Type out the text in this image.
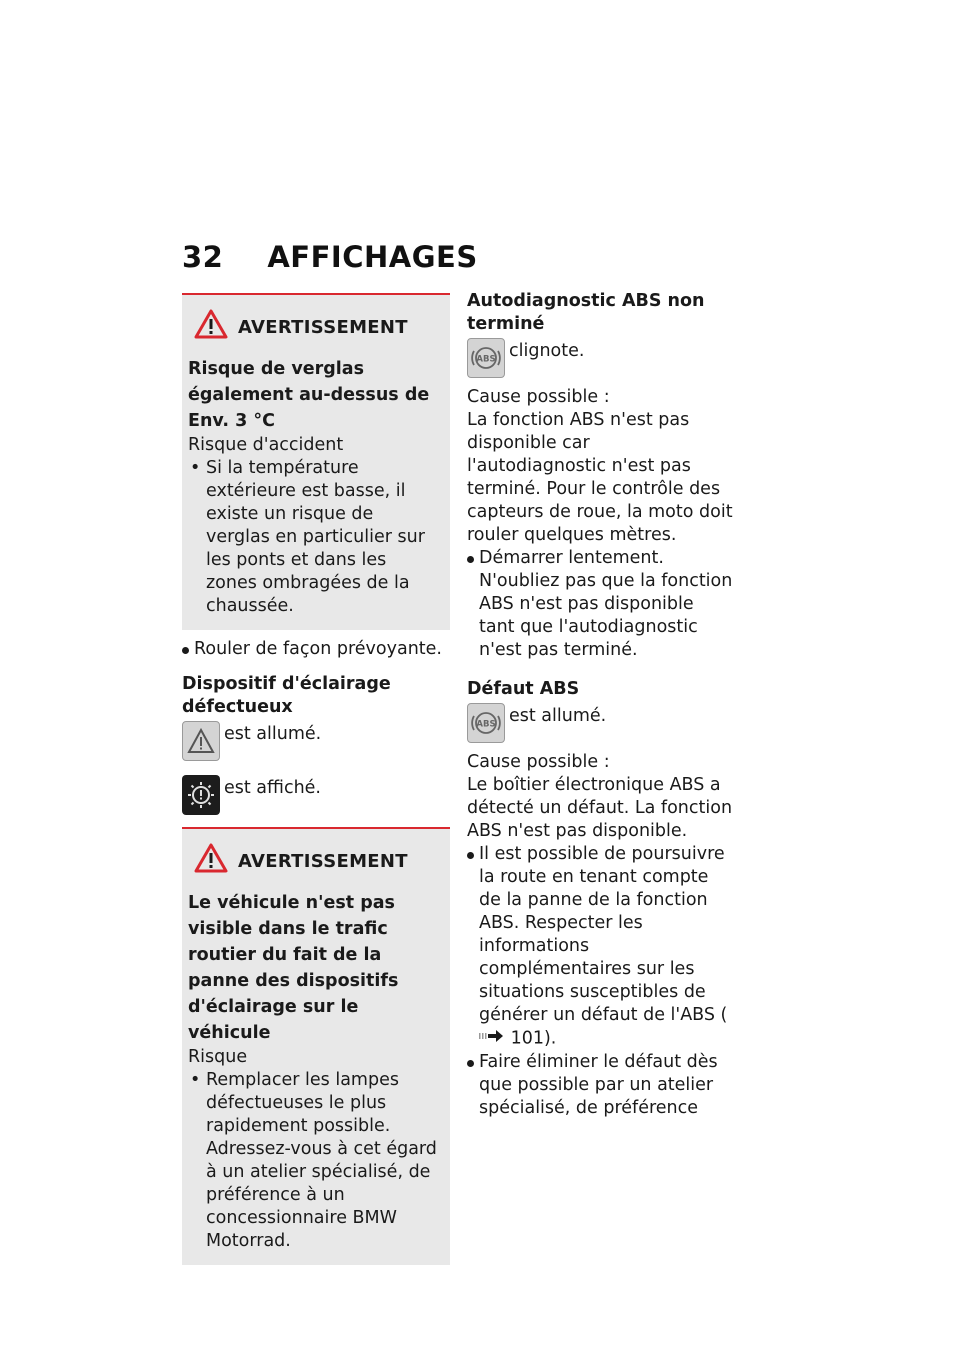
32 AFFICHAGES
AVERTISSEMENT
Risque de verglas également au-dessus de Env. 3 °C
Risque d'accident
• Si la température extérieure est basse, il existe un risque de verglas en particulier sur les ponts et dans les zones ombragées de la chaussée.
Rouler de façon prévoyante.
Dispositif d'éclairage défectueux
est allumé.
est affiché.
AVERTISSEMENT
Le véhicule n'est pas visible dans le trafic routier du fait de la panne des dispositifs d'éclairage sur le véhicule
Risque
• Remplacer les lampes défectueuses le plus rapidement possible. Adressez-vous à cet égard à un atelier spécialisé, de préférence à un concessionnaire BMW Motorrad.
Autodiagnostic ABS non terminé
ABS clignote.
Cause possible :
La fonction ABS n'est pas disponible car l'autodiagnostic n'est pas terminé. Pour le contrôle des capteurs de roue, la moto doit rouler quelques mètres.
Démarrer lentement. N'oubliez pas que la fonction ABS n'est pas disponible tant que l'autodiagnostic n'est pas terminé.
Défaut ABS
ABS est allumé.
Cause possible :
Le boîtier électronique ABS a détecté un défaut. La fonction ABS n'est pas disponible.
Il est possible de poursuivre la route en tenant compte de la panne de la fonction ABS. Respecter les informations complémentaires sur les situations susceptibles de générer un défaut de l'ABS ( 101).
Faire éliminer le défaut dès que possible par un atelier spécialisé, de préférence
